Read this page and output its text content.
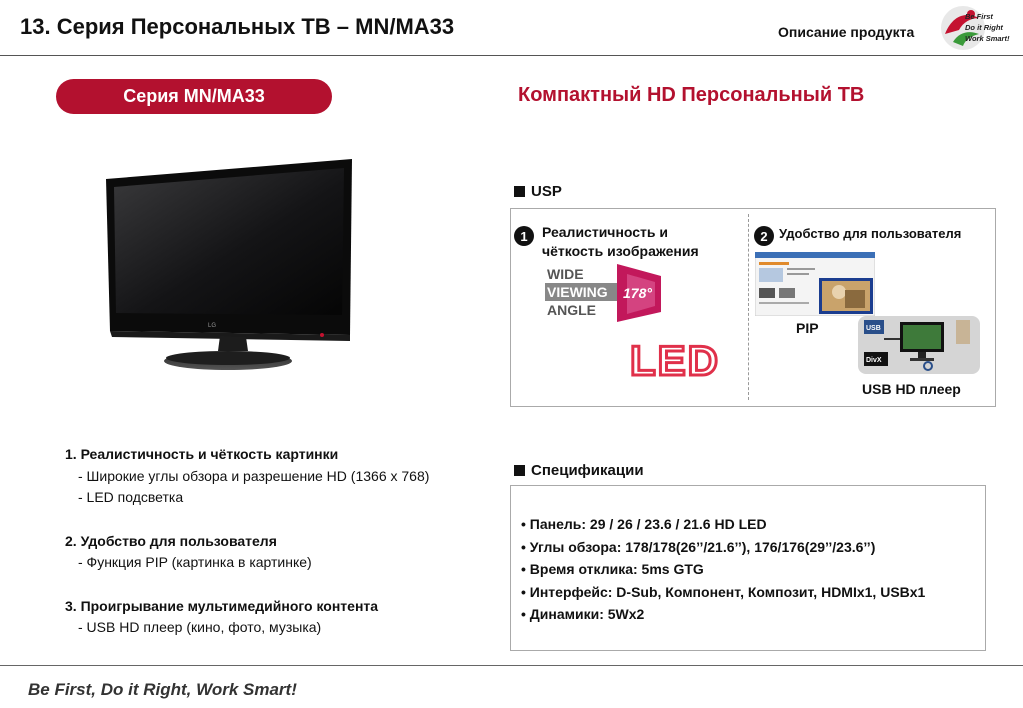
13. Серия Персональных ТВ – MN/MA33	Описание продукта
Be First
Do it Right
Work Smart!
Серия MN/MA33	Компактный HD Персональный ТВ
LG
USP
1	Реалистичность и чёткость изображения
WIDE
VIEWING
ANGLE
178°
LED
2 Удобство для пользователя
PIP	USB
DivX
USB HD плеер
1. Реалистичность и чёткость картинки
- Широкие углы обзора и разрешение HD (1366 x 768)
- LED подсветка
2. Удобство для пользователя
- Функция PIP (картинка в картинке)
3. Проигрывание мультимедийного контента
- USB HD плеер (кино, фото, музыка)
Спецификации
• Панель: 29 / 26 / 23.6 / 21.6 HD LED
• Углы обзора: 178/178(26’’/21.6’’), 176/176(29’’/23.6’’)
• Время отклика: 5ms GTG
• Интерфейс: D-Sub, Компонент, Композит, HDMIx1, USBx1
• Динамики: 5Wx2
Be First, Do it Right, Work Smart!
